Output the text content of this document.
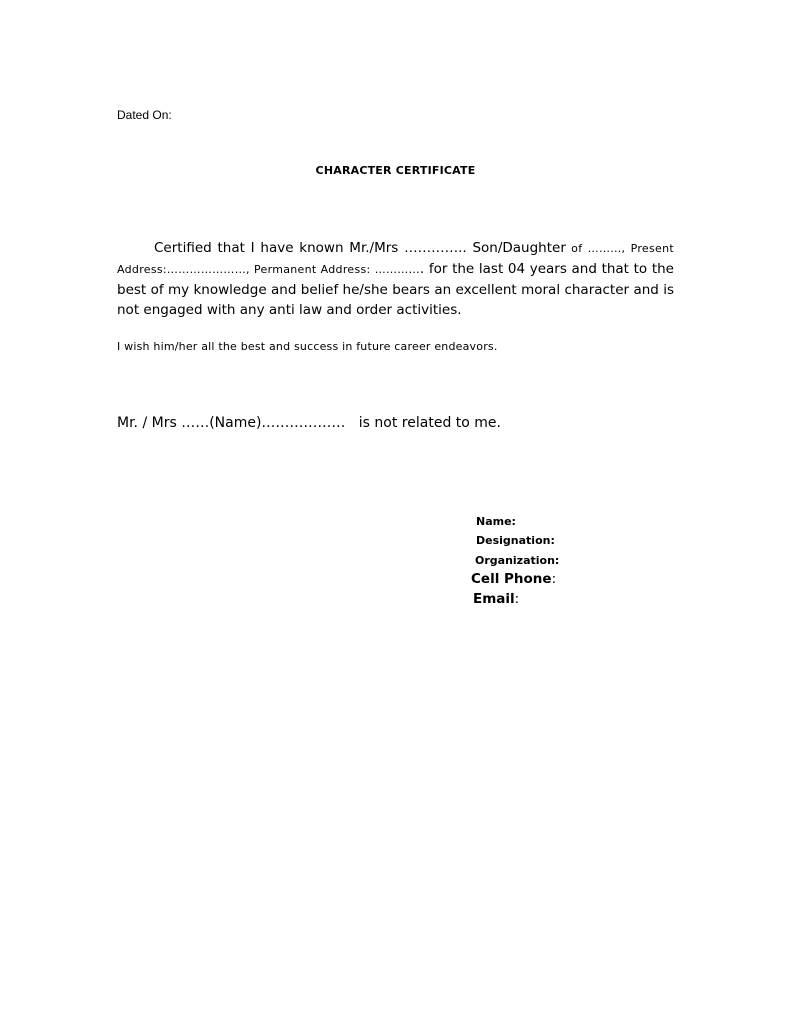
Dated On:
CHARACTER CERTIFICATE
Certified that I have known Mr./Mrs ………….. Son/Daughter of ………, Present Address:…………………, Permanent Address: …………. for the last 04 years and that to the best of my knowledge and belief he/she bears an excellent moral character and is not engaged with any anti law and order activities.
I wish him/her all the best and success in future career endeavors.
Mr. / Mrs ……(Name)……………… is not related to me.
Name:
Designation:
Organization:
Cell Phone:
Email:
